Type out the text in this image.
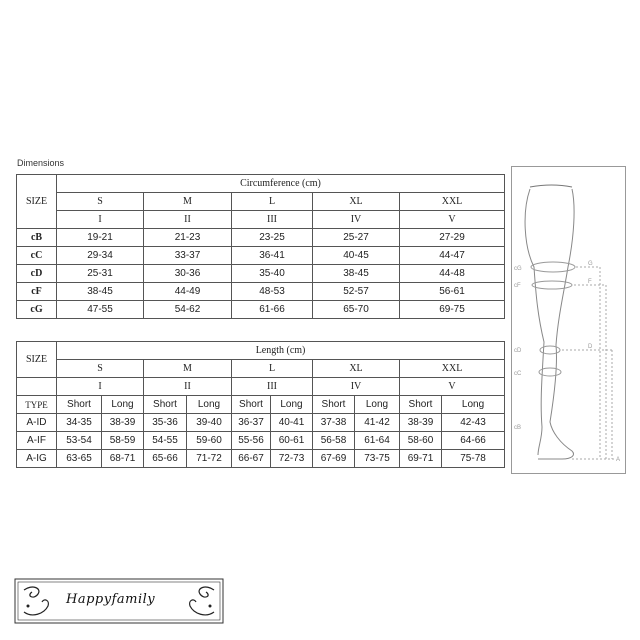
Dimensions
SIZE	Circumference (cm)				
	S	M	L	XL	XXL
	I	II	III	IV	V
cB	19-21	21-23	23-25	25-27	27-29
cC	29-34	33-37	36-41	40-45	44-47
cD	25-31	30-36	35-40	38-45	44-48
cF	38-45	44-49	48-53	52-57	56-61
cG	47-55	54-62	61-66	65-70	69-75
SIZE	Length (cm)									
	S		M		L		XL		XXL	
	I		II		III		IV		V	
TYPE	Short	Long	Short	Long	Short	Long	Short	Long	Short	Long
A-ID	34-35	38-39	35-36	39-40	36-37	40-41	37-38	41-42	38-39	42-43
A-IF	53-54	58-59	54-55	59-60	55-56	60-61	56-58	61-64	58-60	64-66
A-IG	63-65	68-71	65-66	71-72	66-67	72-73	67-69	73-75	69-71	75-78
cG
cF
cD
cC
cB
G
F
D
A
Happyfamily
